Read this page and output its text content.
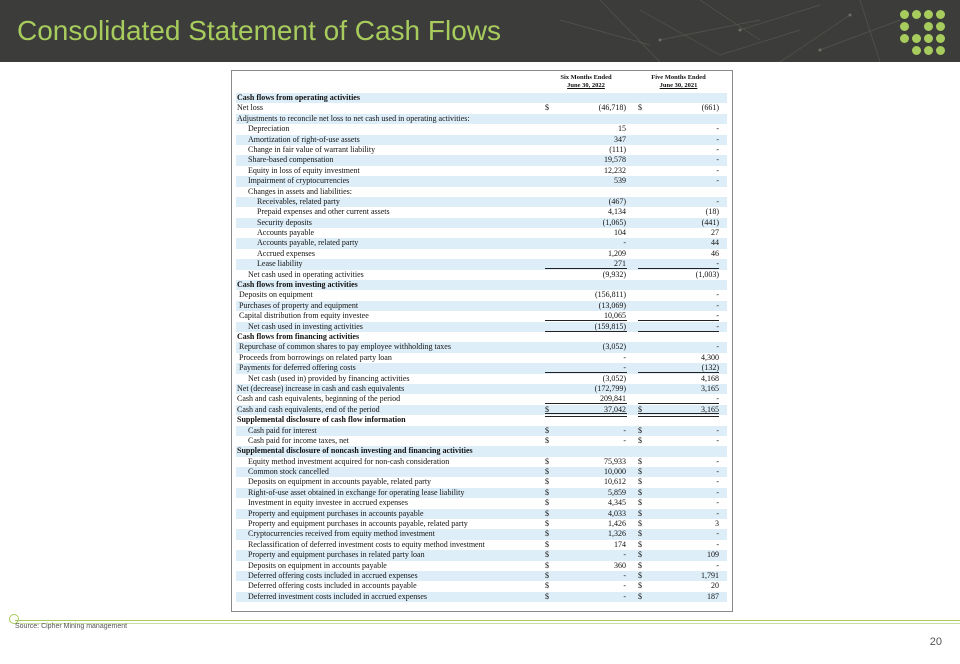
Consolidated Statement of Cash Flows
Six Months Ended
June 30, 2022
Five Months Ended
June 30, 2021
Cash flows from operating activities
Net loss	$	(46,718) $	(661)
Adjustments to reconcile net loss to net cash used in operating activities:
Depreciation	15	-
Amortization of right-of-use assets	347	-
Change in fair value of warrant liability	(111)	-
Share-based compensation	19,578	-
Equity in loss of equity investment	12,232	-
Impairment of cryptocurrencies	539	-
Changes in assets and liabilities:
Receivables, related party	(467)	-
Prepaid expenses and other current assets	4,134	(18)
Security deposits	(1,065)	(441)
Accounts payable	104	27
Accounts payable, related party	-	44
Accrued expenses	1,209	46
Lease liability	271	-
Net cash used in operating activities	(9,932)	(1,003)
Cash flows from investing activities
Deposits on equipment	(156,811)	-
Purchases of property and equipment	(13,069)	-
Capital distribution from equity investee	10,065	-
Net cash used in investing activities	(159,815)	-
Cash flows from financing activities
Repurchase of common shares to pay employee withholding taxes	(3,052)	-
Proceeds from borrowings on related party loan	-	4,300
Payments for deferred offering costs	-	(132)
Net cash (used in) provided by financing activities	(3,052)	4,168
Net (decrease) increase in cash and cash equivalents	(172,799)	3,165
Cash and cash equivalents, beginning of the period	209,841	-
Cash and cash equivalents, end of the period	$	37,042 $	3,165
Supplemental disclosure of cash flow information
Cash paid for interest	$	- $	-
Cash paid for income taxes, net	$	- $	-
Supplemental disclosure of noncash investing and financing activities
Equity method investment acquired for non-cash consideration	$	75,933 $	-
Common stock cancelled	$	10,000 $	-
Deposits on equipment in accounts payable, related party	$	10,612 $	-
Right-of-use asset obtained in exchange for operating lease liability	$	5,859 $	-
Investment in equity investee in accrued expenses	$	4,345 $	-
Property and equipment purchases in accounts payable	$	4,033 $	-
Property and equipment purchases in accounts payable, related party	$	1,426 $	3
Cryptocurrencies received from equity method investment	$	1,326 $	-
Reclassification of deferred investment costs to equity method investment	$	174 $	-
Property and equipment purchases in related party loan	$	- $	109
Deposits on equipment in accounts payable	$	360 $	-
Deferred offering costs included in accrued expenses	$	- $	1,791
Deferred offering costs included in accounts payable	$	- $	20
Deferred investment costs included in accrued expenses	$	- $	187
Source: Cipher Mining management
20
